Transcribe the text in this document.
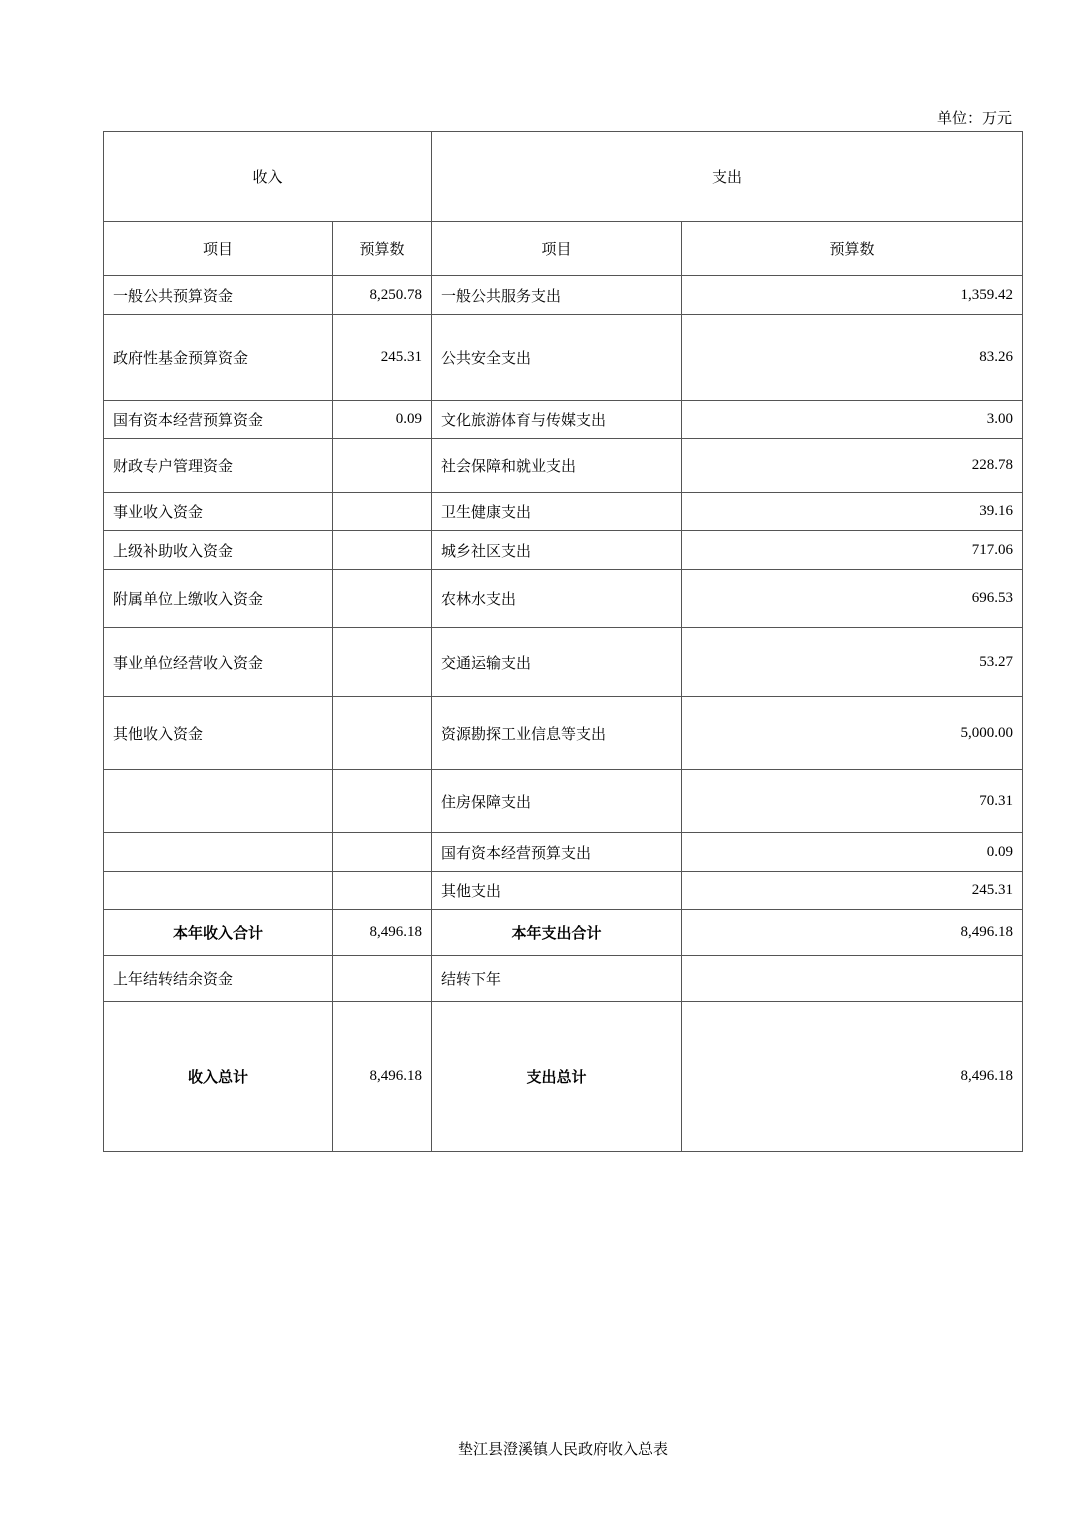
单位：万元
收入		支出	
项目	预算数	项目	预算数
一般公共预算资金	8,250.78	一般公共服务支出	1,359.42
政府性基金预算资金	245.31	公共安全支出	83.26
国有资本经营预算资金	0.09	文化旅游体育与传媒支出	3.00
财政专户管理资金		社会保障和就业支出	228.78
事业收入资金		卫生健康支出	39.16
上级补助收入资金		城乡社区支出	717.06
附属单位上缴收入资金		农林水支出	696.53
事业单位经营收入资金		交通运输支出	53.27
其他收入资金		资源勘探工业信息等支出	5,000.00
		住房保障支出	70.31
		国有资本经营预算支出	0.09
		其他支出	245.31
本年收入合计	8,496.18	本年支出合计	8,496.18
上年结转结余资金		结转下年	
收入总计	8,496.18	支出总计	8,496.18
垫江县澄溪镇人民政府收入总表
